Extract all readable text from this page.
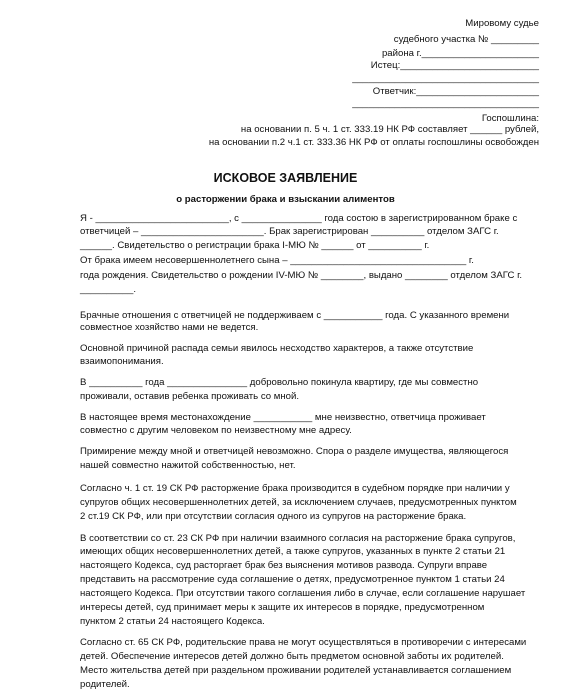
Мировому судье
судебного участка № _________
района г.______________________
Истец:__________________________
___________________________________
Ответчик:_______________________
___________________________________
Госпошлина:
на основании п. 5 ч. 1 ст. 333.19 НК РФ составляет ______ рублей,
на основании п.2 ч.1 ст. 333.36 НК РФ от оплаты госпошлины освобожден
ИСКОВОЕ ЗАЯВЛЕНИЕ
о расторжении брака и взыскании алиментов
Я - _________________________, с _______________ года состою в зарегистрированном браке с
ответчицей – _______________________. Брак зарегистрирован __________ отделом ЗАГС г.
______. Свидетельство о регистрации брака I-МЮ № ______ от __________ г.
От брака имеем несовершеннолетнего сына – _________________________________ г.
года рождения. Свидетельство о рождении IV-МЮ № ________, выдано ________ отделом ЗАГС г.
__________.
Брачные отношения с ответчицей не поддерживаем с ___________ года. С указанного времени
совместное хозяйство нами не ведется.
Основной причиной распада семьи явилось несходство характеров, а также отсутствие
взаимопонимания.
В __________ года _______________ добровольно покинула квартиру, где мы совместно
проживали, оставив ребенка проживать со мной.
В настоящее время местонахождение ___________ мне неизвестно, ответчица проживает
совместно с другим человеком по неизвестному мне адресу.
Примирение между мной и ответчицей невозможно. Спора о разделе имущества, являющегося
нашей совместно нажитой собственностью, нет.
Согласно ч. 1 ст. 19 СК РФ расторжение брака производится в судебном порядке при наличии у
супругов общих несовершеннолетних детей, за исключением случаев, предусмотренных пунктом
2 ст.19 СК РФ, или при отсутствии согласия одного из супругов на расторжение брака.
В соответствии со ст. 23 СК РФ при наличии взаимного согласия на расторжение брака супругов,
имеющих общих несовершеннолетних детей, а также супругов, указанных в пункте 2 статьи 21
настоящего Кодекса, суд расторгает брак без выяснения мотивов развода. Супруги вправе
представить на рассмотрение суда соглашение о детях, предусмотренное пунктом 1 статьи 24
настоящего Кодекса. При отсутствии такого соглашения либо в случае, если соглашение нарушает
интересы детей, суд принимает меры к защите их интересов в порядке, предусмотренном
пунктом 2 статьи 24 настоящего Кодекса.
Согласно ст. 65 СК РФ, родительские права не могут осуществляться в противоречии с интересами
детей. Обеспечение интересов детей должно быть предметом основной заботы их родителей.
Место жительства детей при раздельном проживании родителей устанавливается соглашением
родителей.
